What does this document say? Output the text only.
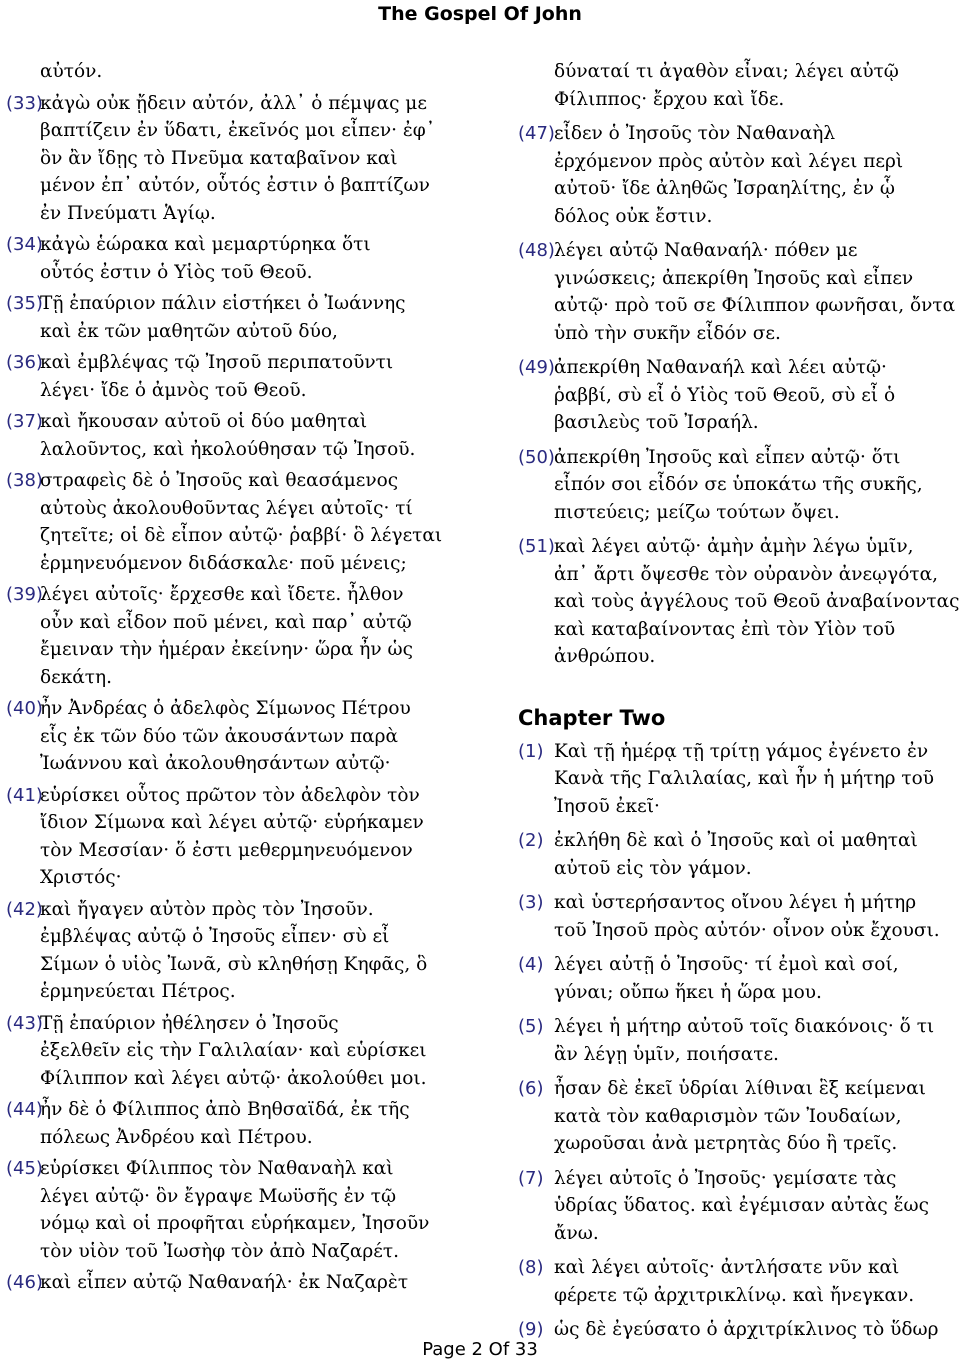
The Gospel Of John
αὐτόν.
(33)
κἀγὼ οὐκ ᾔδειν αὐτόν, ἀλλ᾽ ὁ πέμψας με
βαπτίζειν ἐν ὕδατι, ἐκεῖνός μοι εἶπεν· ἐφ᾽
ὃν ἂν ἴδῃς τὸ Πνεῦμα καταβαῖνον καὶ
μένον ἐπ᾽ αὐτόν, οὗτός ἐστιν ὁ βαπτίζων
ἐν Πνεύματι Ἁγίῳ.
(34)
κἀγὼ ἑώρακα καὶ μεμαρτύρηκα ὅτι
οὗτός ἐστιν ὁ Υἱὸς τοῦ Θεοῦ.
(35)
Τῇ ἐπαύριον πάλιν εἱστήκει ὁ Ἰωάννης
καὶ ἐκ τῶν μαθητῶν αὐτοῦ δύο,
(36)
καὶ ἐμβλέψας τῷ Ἰησοῦ περιπατοῦντι
λέγει· ἴδε ὁ ἀμνὸς τοῦ Θεοῦ.
(37)
καὶ ἤκουσαν αὐτοῦ οἱ δύο μαθηταὶ
λαλοῦντος, καὶ ἠκολούθησαν τῷ Ἰησοῦ.
(38)
στραφεὶς δὲ ὁ Ἰησοῦς καὶ θεασάμενος
αὐτοὺς ἀκολουθοῦντας λέγει αὐτοῖς· τί
ζητεῖτε; οἱ δὲ εἶπον αὐτῷ· ῥαββί· ὃ λέγεται
ἑρμηνευόμενον διδάσκαλε· ποῦ μένεις;
(39)
λέγει αὐτοῖς· ἔρχεσθε καὶ ἴδετε. ἦλθον
οὖν καὶ εἶδον ποῦ μένει, καὶ παρ᾽ αὐτῷ
ἔμειναν τὴν ἡμέραν ἐκείνην· ὥρα ἦν ὡς
δεκάτη.
(40)
ἦν Ἀνδρέας ὁ ἀδελφὸς Σίμωνος Πέτρου
εἷς ἐκ τῶν δύο τῶν ἀκουσάντων παρὰ
Ἰωάννου καὶ ἀκολουθησάντων αὐτῷ·
(41)
εὑρίσκει οὗτος πρῶτον τὸν ἀδελφὸν τὸν
ἴδιον Σίμωνα καὶ λέγει αὐτῷ· εὑρήκαμεν
τὸν Μεσσίαν· ὅ ἐστι μεθερμηνευόμενον
Χριστός·
(42)
καὶ ἤγαγεν αὐτὸν πρὸς τὸν Ἰησοῦν.
ἐμβλέψας αὐτῷ ὁ Ἰησοῦς εἶπεν· σὺ εἶ
Σίμων ὁ υἱὸς Ἰωνᾶ, σὺ κληθήσῃ Κηφᾶς, ὃ
ἑρμηνεύεται Πέτρος.
(43)
Τῇ ἐπαύριον ἠθέλησεν ὁ Ἰησοῦς
ἐξελθεῖν εἰς τὴν Γαλιλαίαν· καὶ εὑρίσκει
Φίλιππον καὶ λέγει αὐτῷ· ἀκολούθει μοι.
(44)
ἦν δὲ ὁ Φίλιππος ἀπὸ Βηθσαϊδά, ἐκ τῆς
πόλεως Ἀνδρέου καὶ Πέτρου.
(45)
εὑρίσκει Φίλιππος τὸν Ναθαναὴλ καὶ
λέγει αὐτῷ· ὃν ἔγραψε Μωϋσῆς ἐν τῷ
νόμῳ καὶ οἱ προφῆται εὑρήκαμεν, Ἰησοῦν
τὸν υἱὸν τοῦ Ἰωσὴφ τὸν ἀπὸ Ναζαρέτ.
(46)
καὶ εἶπεν αὐτῷ Ναθαναήλ· ἐκ Ναζαρὲτ
δύναταί τι ἀγαθὸν εἶναι; λέγει αὐτῷ
Φίλιππος· ἔρχου καὶ ἴδε.
(47) εἶδεν ὁ Ἰησοῦς τὸν Ναθαναὴλ
ἐρχόμενον πρὸς αὐτὸν καὶ λέγει περὶ
αὐτοῦ· ἴδε ἀληθῶς Ἰσραηλίτης, ἐν ᾧ
δόλος οὐκ ἔστιν.
(48) λέγει αὐτῷ Ναθαναήλ· πόθεν με
γινώσκεις; ἀπεκρίθη Ἰησοῦς καὶ εἶπεν
αὐτῷ· πρὸ τοῦ σε Φίλιππον φωνῆσαι, ὄντα
ὑπὸ τὴν συκῆν εἶδόν σε.
(49) ἀπεκρίθη Ναθαναήλ καὶ λέει αὐτῷ·
ῥαββί, σὺ εἶ ὁ Υἱὸς τοῦ Θεοῦ, σὺ εἶ ὁ
βασιλεὺς τοῦ Ἰσραήλ.
(50) ἀπεκρίθη Ἰησοῦς καὶ εἶπεν αὐτῷ· ὅτι
εἶπόν σοι εἶδόν σε ὑποκάτω τῆς συκῆς,
πιστεύεις; μείζω τούτων ὄψει.
(51) καὶ λέγει αὐτῷ· ἀμὴν ἀμὴν λέγω ὑμῖν,
ἀπ᾽ ἄρτι ὄψεσθε τὸν οὐρανὸν ἀνεῳγότα,
καὶ τοὺς ἀγγέλους τοῦ Θεοῦ ἀναβαίνοντας
καὶ καταβαίνοντας ἐπὶ τὸν Υἱὸν τοῦ
ἀνθρώπου.
Chapter Two
(1) Καὶ τῇ ἡμέρᾳ τῇ τρίτῃ γάμος ἐγένετο ἐν
Κανὰ τῆς Γαλιλαίας, καὶ ἦν ἡ μήτηρ τοῦ
Ἰησοῦ ἐκεῖ·
(2) ἐκλήθη δὲ καὶ ὁ Ἰησοῦς καὶ οἱ μαθηταὶ
αὐτοῦ εἰς τὸν γάμον.
(3) καὶ ὑστερήσαντος οἴνου λέγει ἡ μήτηρ
τοῦ Ἰησοῦ πρὸς αὐτόν· οἶνον οὐκ ἔχουσι.
(4) λέγει αὐτῇ ὁ Ἰησοῦς· τί ἐμοὶ καὶ σοί,
γύναι; οὔπω ἥκει ἡ ὥρα μου.
(5) λέγει ἡ μήτηρ αὐτοῦ τοῖς διακόνοις· ὅ τι
ἂν λέγῃ ὑμῖν, ποιήσατε.
(6) ἦσαν δὲ ἐκεῖ ὑδρίαι λίθιναι ἓξ κείμεναι
κατὰ τὸν καθαρισμὸν τῶν Ἰουδαίων,
χωροῦσαι ἀνὰ μετρητὰς δύο ἢ τρεῖς.
(7) λέγει αὐτοῖς ὁ Ἰησοῦς· γεμίσατε τὰς
ὑδρίας ὕδατος. καὶ ἐγέμισαν αὐτὰς ἕως
ἄνω.
(8) καὶ λέγει αὐτοῖς· ἀντλήσατε νῦν καὶ
φέρετε τῷ ἀρχιτρικλίνῳ. καὶ ἤνεγκαν.
(9) ὡς δὲ ἐγεύσατο ὁ ἀρχιτρίκλινος τὸ ὕδωρ
Page 2 Of 33
